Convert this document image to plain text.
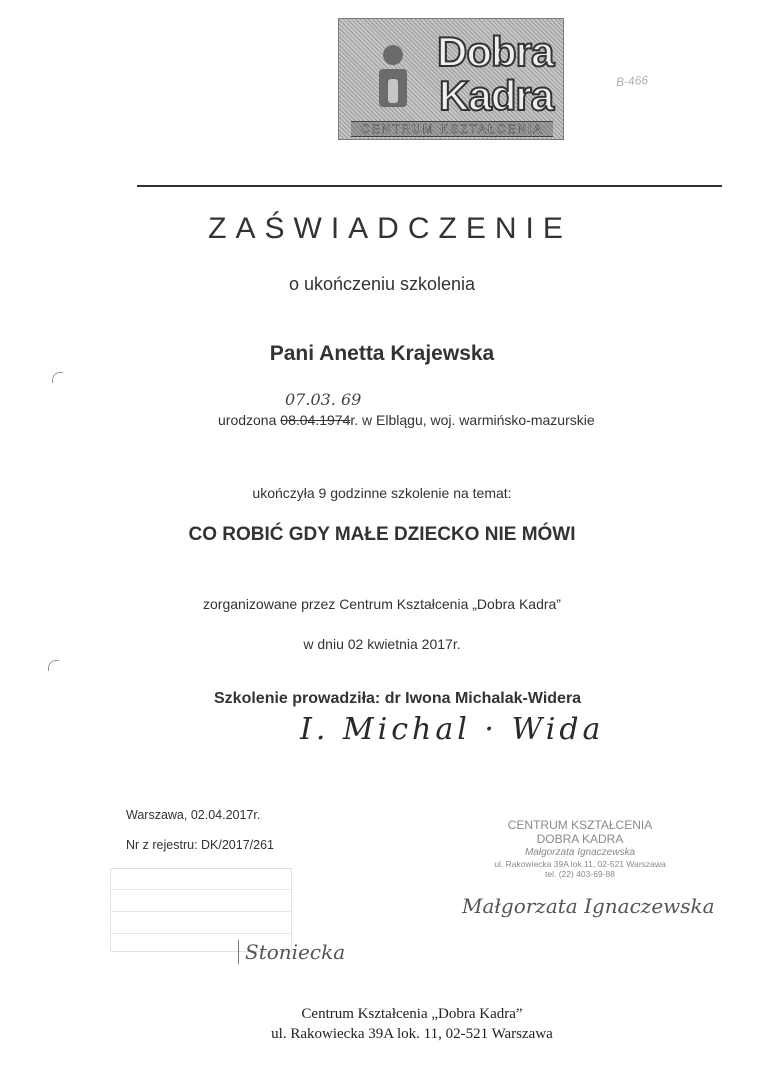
Dobra
Kadra
CENTRUM KSZTAŁCENIA
B-466
ZAŚWIADCZENIE
o ukończeniu szkolenia
Pani Anetta Krajewska
07.03. 69
urodzona 08.04.1974r. w Elblągu, woj. warmińsko-mazurskie
ukończyła 9 godzinne szkolenie na temat:
CO ROBIĆ GDY MAŁE DZIECKO NIE MÓWI
zorganizowane przez Centrum Kształcenia „Dobra Kadra”
w dniu 02 kwietnia 2017r.
Szkolenie prowadziła: dr Iwona Michalak-Widera
I. Michal · Wida
Warszawa, 02.04.2017r.
Nr z rejestru: DK/2017/261
CENTRUM KSZTAŁCENIA
DOBRA KADRA
Małgorzata Ignaczewska
ul. Rakowiecka 39A lok.11, 02-521 Warszawa
tel. (22) 403-69-88
Małgorzata Ignaczewska
Stoniecka
Centrum Kształcenia „Dobra Kadra”
ul. Rakowiecka 39A lok. 11, 02-521 Warszawa
